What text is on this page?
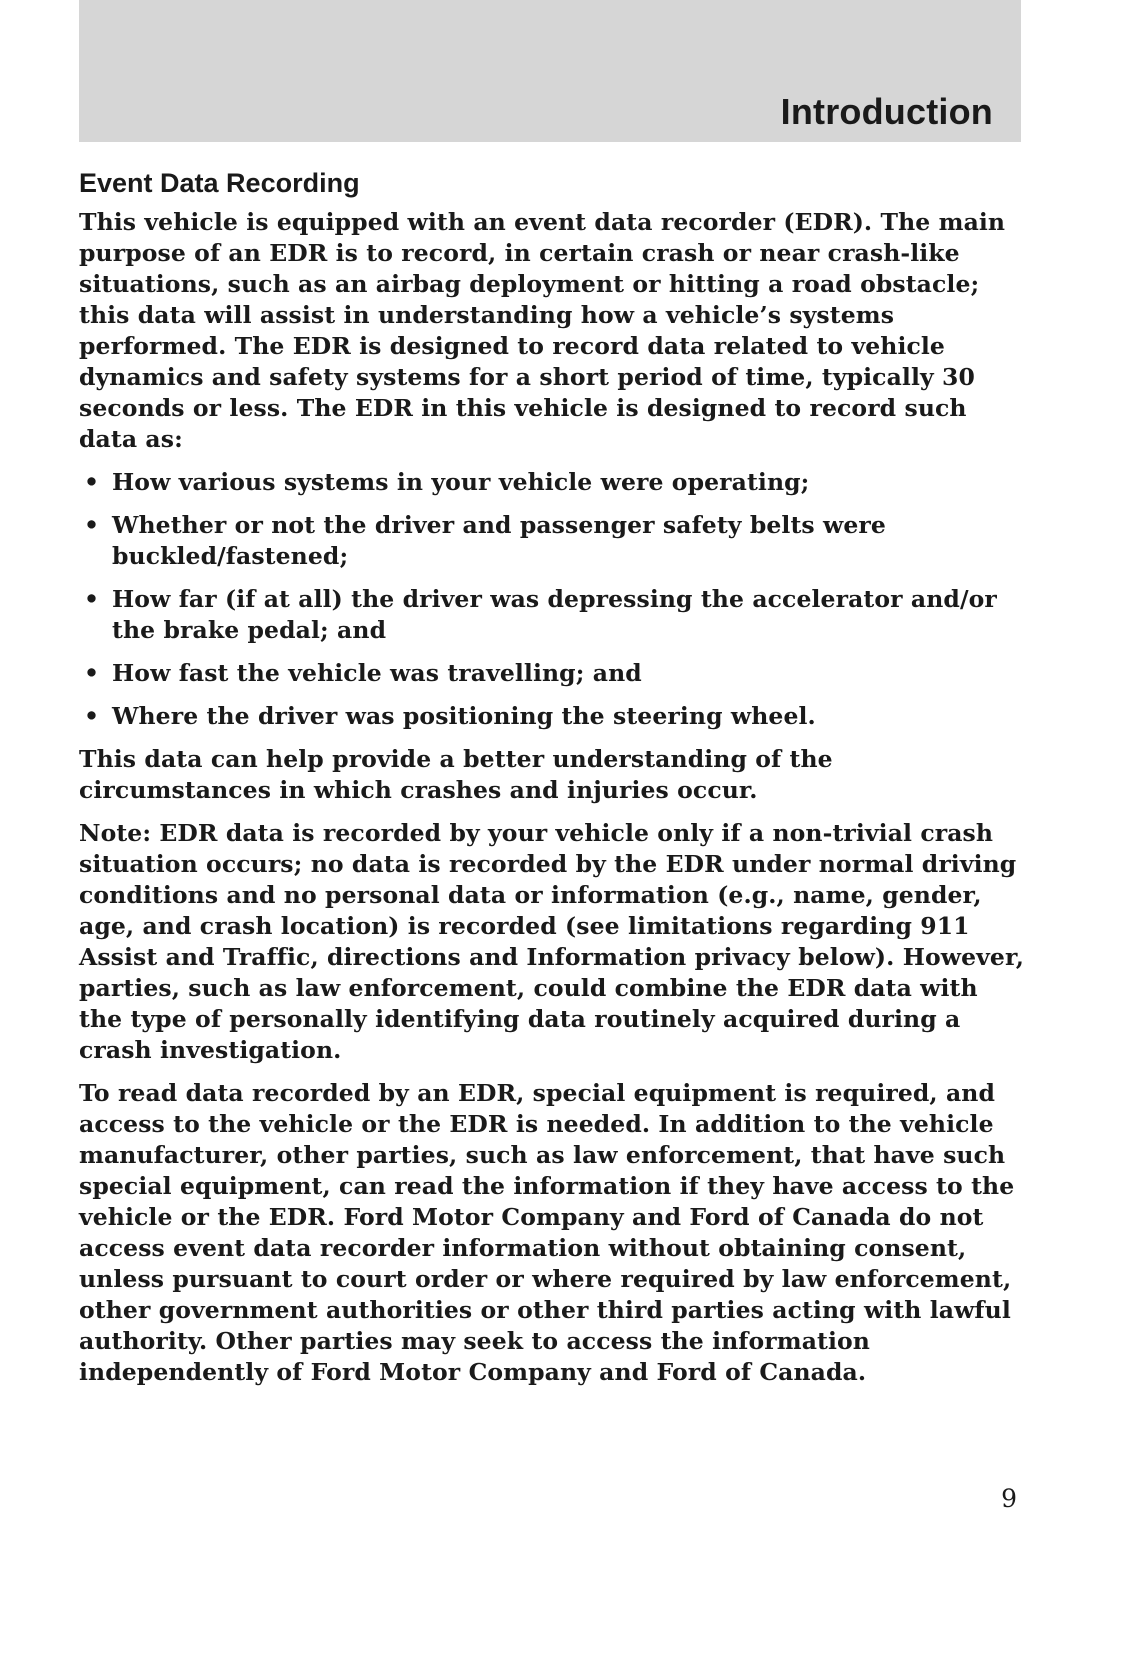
Introduction
Event Data Recording

This vehicle is equipped with an event data recorder (EDR). The main purpose of an EDR is to record, in certain crash or near crash-like situations, such as an airbag deployment or hitting a road obstacle; this data will assist in understanding how a vehicle’s systems performed. The EDR is designed to record data related to vehicle dynamics and safety systems for a short period of time, typically 30 seconds or less. The EDR in this vehicle is designed to record such data as:

• How various systems in your vehicle were operating;
• Whether or not the driver and passenger safety belts were buckled/fastened;
• How far (if at all) the driver was depressing the accelerator and/or the brake pedal; and
• How fast the vehicle was travelling; and
• Where the driver was positioning the steering wheel.

This data can help provide a better understanding of the circumstances in which crashes and injuries occur.

Note: EDR data is recorded by your vehicle only if a non-trivial crash situation occurs; no data is recorded by the EDR under normal driving conditions and no personal data or information (e.g., name, gender, age, and crash location) is recorded (see limitations regarding 911 Assist and Traffic, directions and Information privacy below). However, parties, such as law enforcement, could combine the EDR data with the type of personally identifying data routinely acquired during a crash investigation.

To read data recorded by an EDR, special equipment is required, and access to the vehicle or the EDR is needed. In addition to the vehicle manufacturer, other parties, such as law enforcement, that have such special equipment, can read the information if they have access to the vehicle or the EDR. Ford Motor Company and Ford of Canada do not access event data recorder information without obtaining consent, unless pursuant to court order or where required by law enforcement, other government authorities or other third parties acting with lawful authority. Other parties may seek to access the information independently of Ford Motor Company and Ford of Canada.

9
